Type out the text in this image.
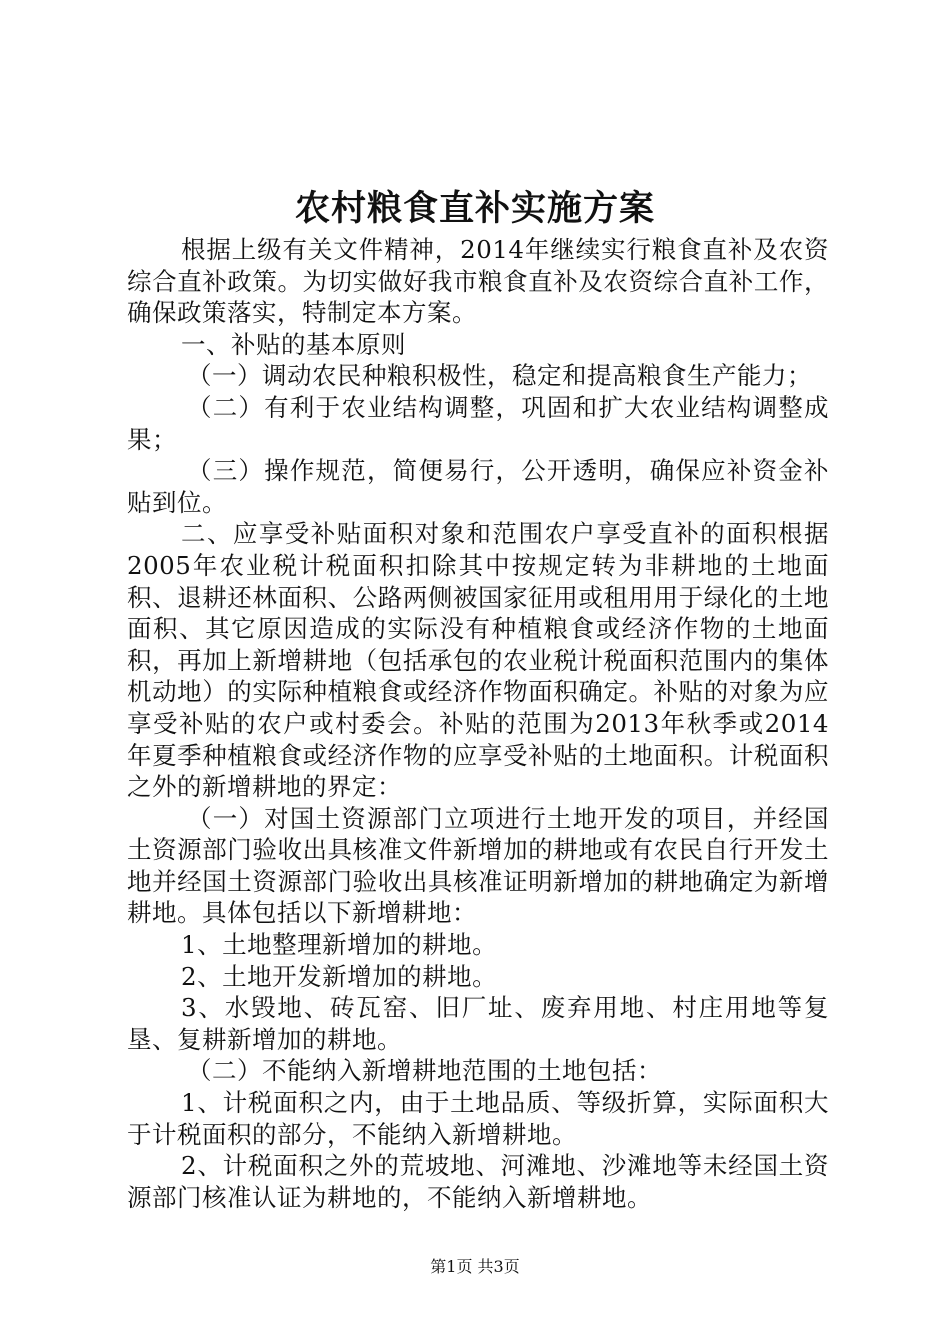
农村粮食直补实施方案

根据上级有关文件精神，2014年继续实行粮食直补及农资综合直补政策。为切实做好我市粮食直补及农资综合直补工作，确保政策落实，特制定本方案。

一、补贴的基本原则

（一）调动农民种粮积极性，稳定和提高粮食生产能力；

（二）有利于农业结构调整，巩固和扩大农业结构调整成果；

（三）操作规范，简便易行，公开透明，确保应补资金补贴到位。

二、应享受补贴面积对象和范围农户享受直补的面积根据2005年农业税计税面积扣除其中按规定转为非耕地的土地面积、退耕还林面积、公路两侧被国家征用或租用用于绿化的土地面积、其它原因造成的实际没有种植粮食或经济作物的土地面积，再加上新增耕地（包括承包的农业税计税面积范围内的集体机动地）的实际种植粮食或经济作物面积确定。补贴的对象为应享受补贴的农户或村委会。补贴的范围为2013年秋季或2014年夏季种植粮食或经济作物的应享受补贴的土地面积。计税面积之外的新增耕地的界定：

（一）对国土资源部门立项进行土地开发的项目，并经国土资源部门验收出具核准文件新增加的耕地或有农民自行开发土地并经国土资源部门验收出具核准证明新增加的耕地确定为新增耕地。具体包括以下新增耕地：

1、土地整理新增加的耕地。

2、土地开发新增加的耕地。

3、水毁地、砖瓦窑、旧厂址、废弃用地、村庄用地等复垦、复耕新增加的耕地。

（二）不能纳入新增耕地范围的土地包括：

1、计税面积之内，由于土地品质、等级折算，实际面积大于计税面积的部分，不能纳入新增耕地。

2、计税面积之外的荒坡地、河滩地、沙滩地等未经国土资源部门核准认证为耕地的，不能纳入新增耕地。

第1页 共3页
